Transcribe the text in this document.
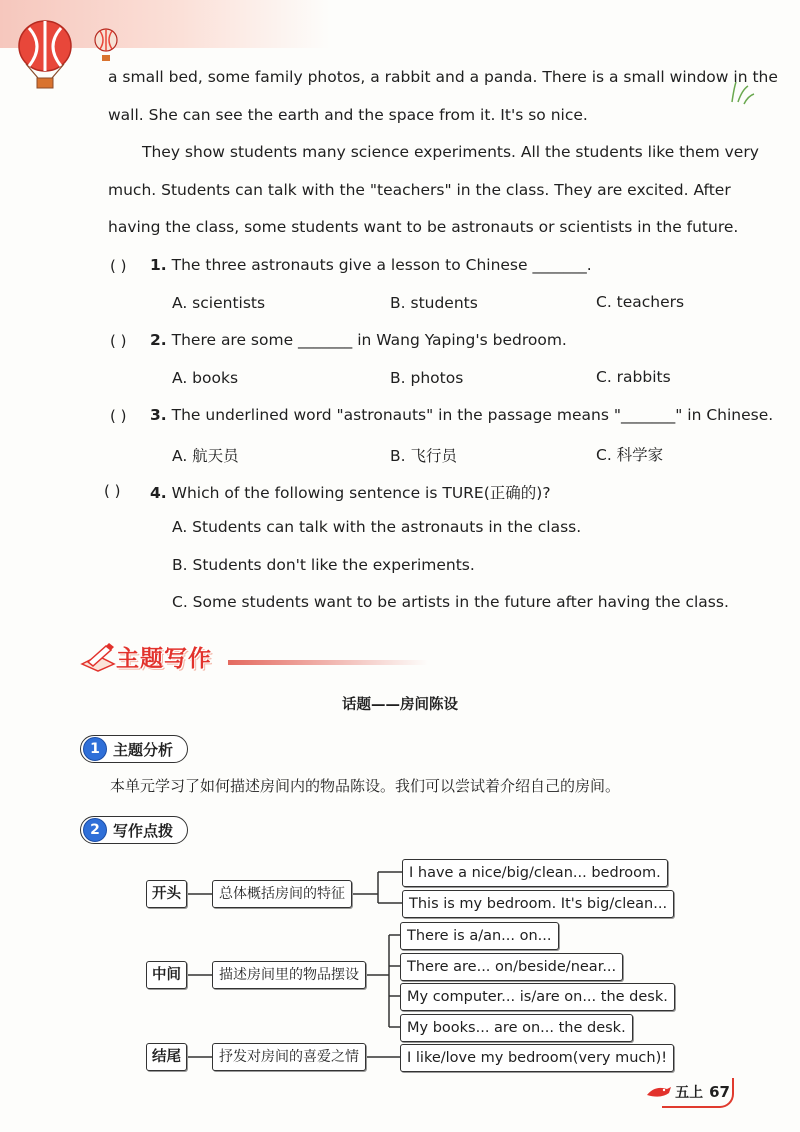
a small bed, some family photos, a rabbit and a panda. There is a small window in the
wall. She can see the earth and the space from it. It's so nice.
They show students many science experiments. All the students like them very
much. Students can talk with the "teachers" in the class. They are excited. After
having the class, some students want to be astronauts or scientists in the future.
( ) 1. The three astronauts give a lesson to Chinese _______.
A. scientists	B. students	C. teachers
( ) 2. There are some _______ in Wang Yaping's bedroom.
A. books	B. photos	C. rabbits
( ) 3. The underlined word "astronauts" in the passage means "_______" in Chinese.
A. 航天员	B. 飞行员	C. 科学家
( ) 4. Which of the following sentence is TURE(正确的)?
A. Students can talk with the astronauts in the class.
B. Students don't like the experiments.
C. Some students want to be artists in the future after having the class.
主题写作
话题——房间陈设
1 主题分析
本单元学习了如何描述房间内的物品陈设。我们可以尝试着介绍自己的房间。
2 写作点拨
开头	总体概括房间的特征
I have a nice/big/clean... bedroom.
This is my bedroom. It's big/clean...
中间	描述房间里的物品摆设
There is a/an... on...
There are... on/beside/near...
My computer... is/are on... the desk.
My books... are on... the desk.
结尾	抒发对房间的喜爱之情	I like/love my bedroom(very much)!
五上 67
